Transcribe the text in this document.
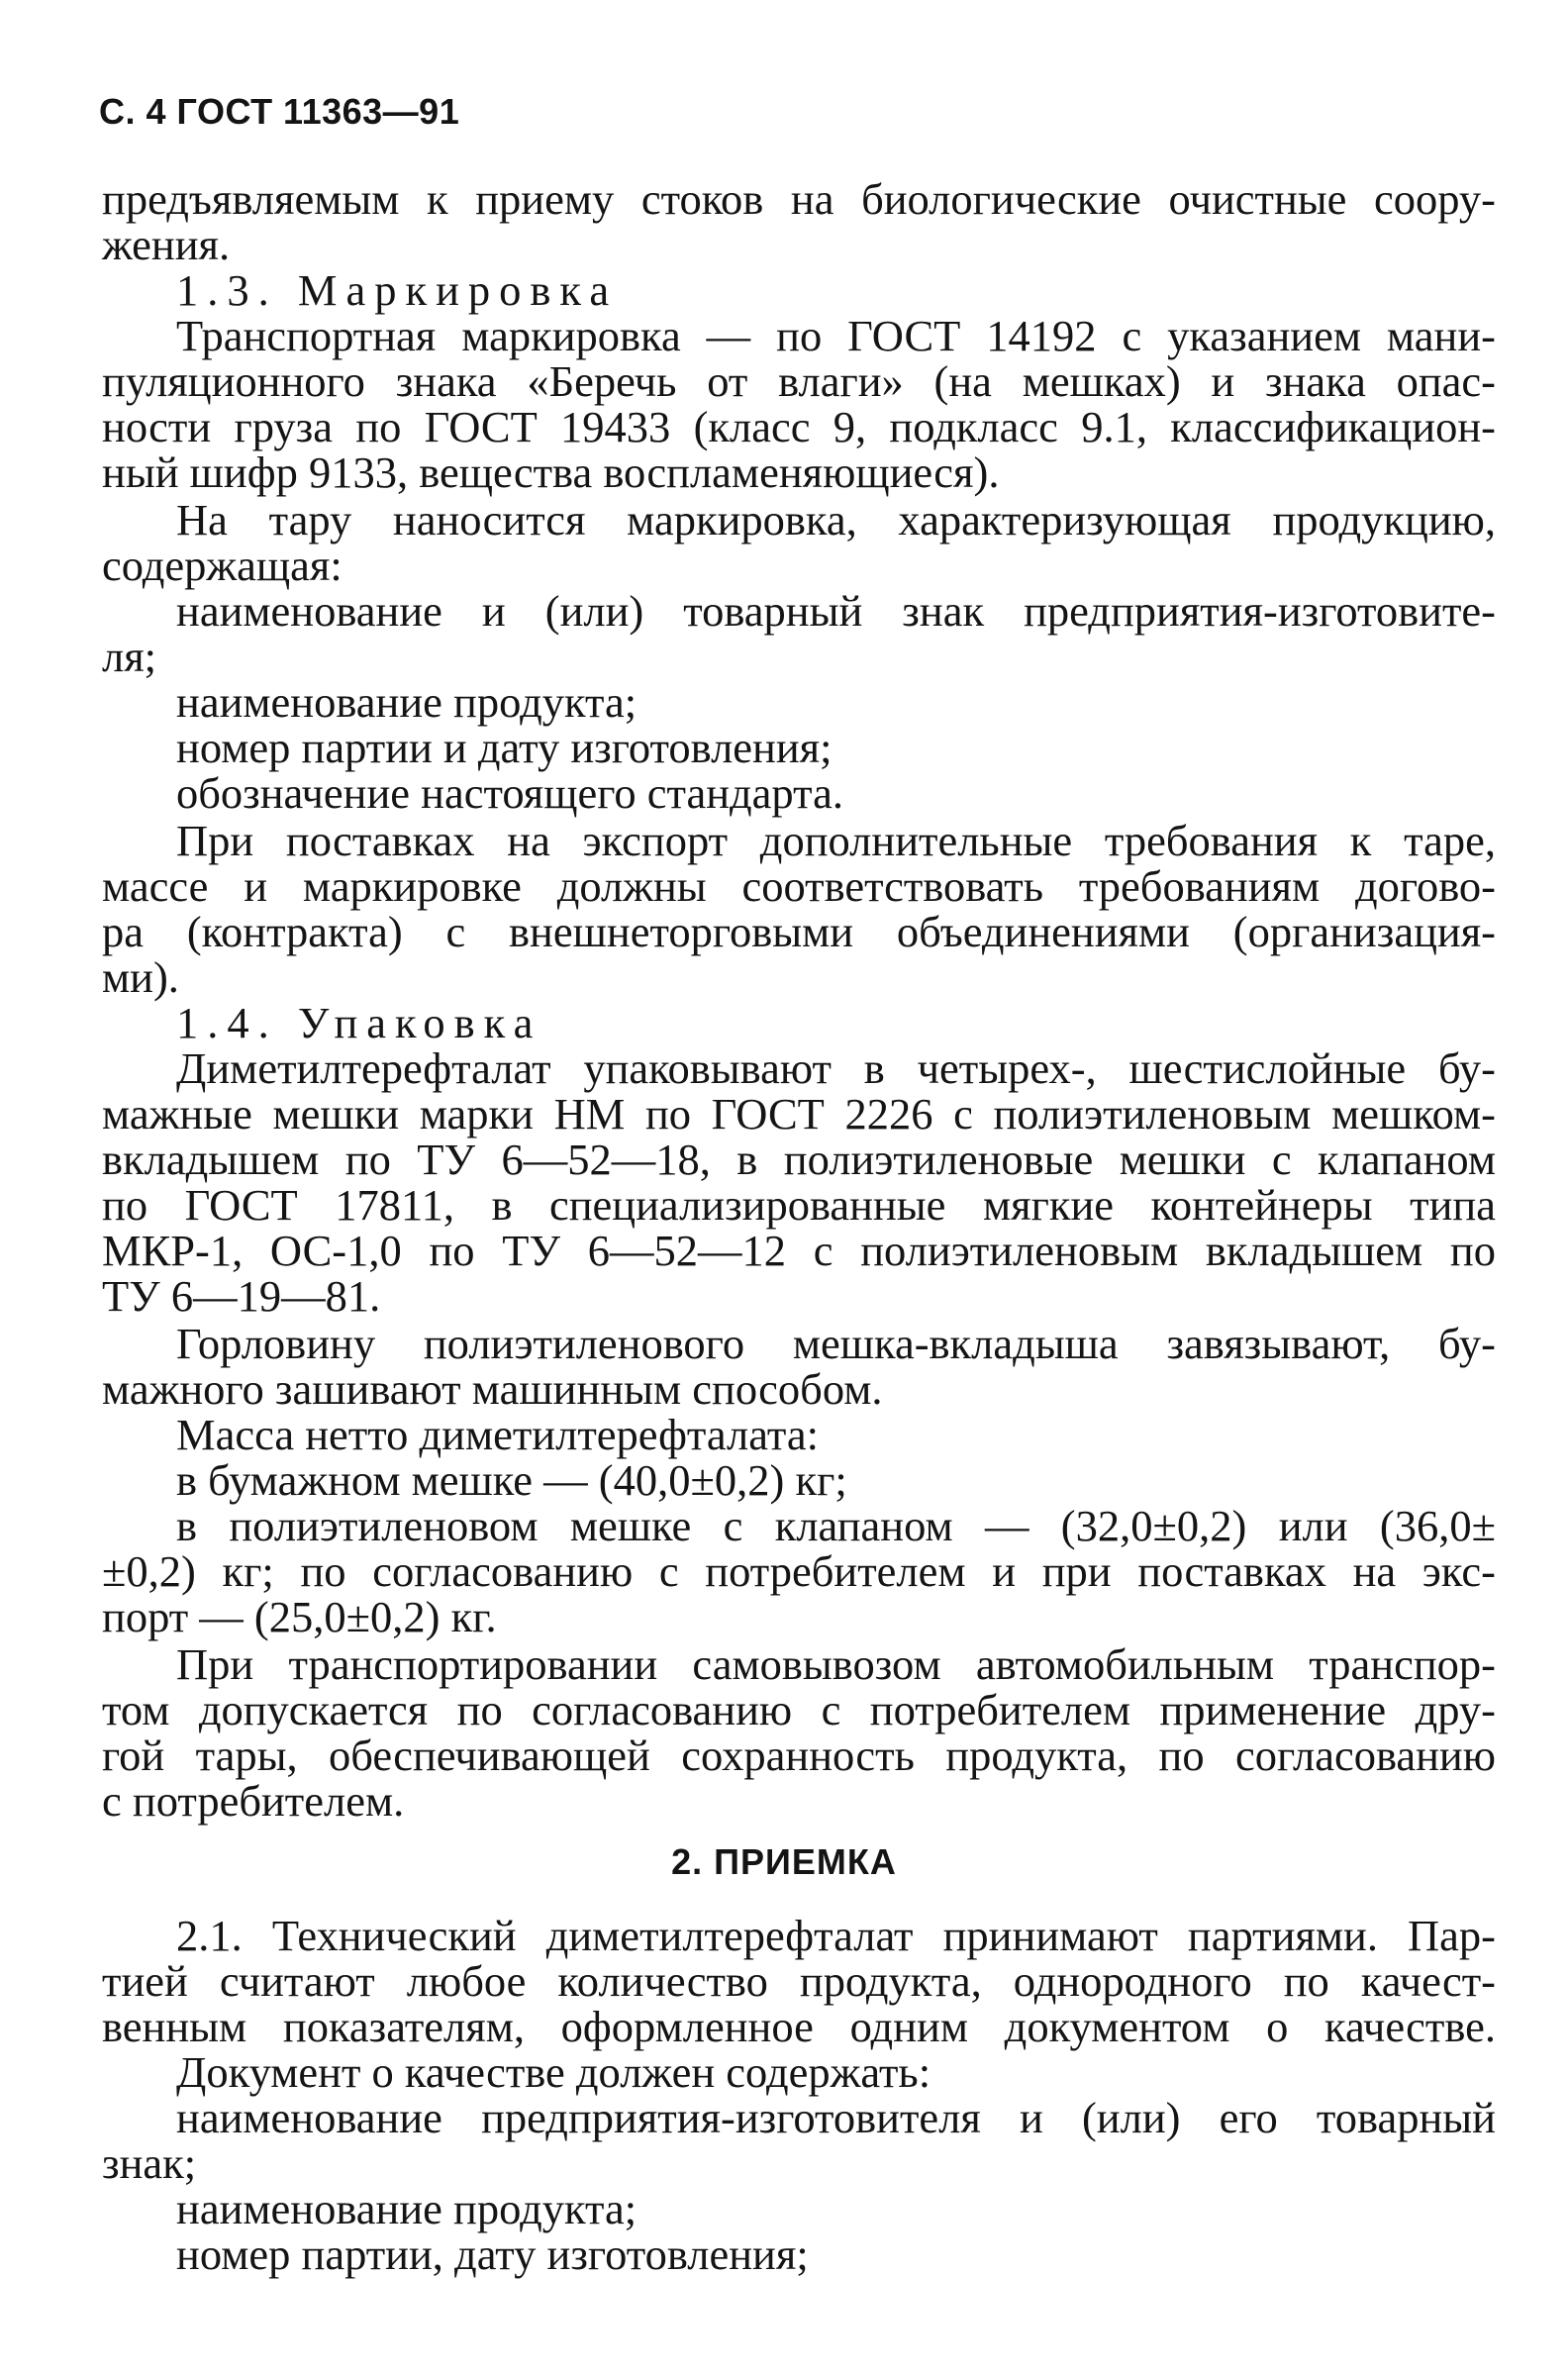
С. 4 ГОСТ 11363—91
предъявляемым к приему стоков на биологические очистные соору-
жения.
1.3. Маркировка
Транспортная маркировка — по ГОСТ 14192 с указанием мани-
пуляционного знака «Беречь от влаги» (на мешках) и знака опас-
ности груза по ГОСТ 19433 (класс 9, подкласс 9.1, классификацион-
ный шифр 9133, вещества воспламеняющиеся).
На тару наносится маркировка, характеризующая продукцию,
содержащая:
наименование и (или) товарный знак предприятия-изготовите-
ля;
наименование продукта;
номер партии и дату изготовления;
обозначение настоящего стандарта.
При поставках на экспорт дополнительные требования к таре,
массе и маркировке должны соответствовать требованиям догово-
ра (контракта) с внешнеторговыми объединениями (организация-
ми).
1.4. Упаковка
Диметилтерефталат упаковывают в четырех-, шестислойные бу-
мажные мешки марки НМ по ГОСТ 2226 с полиэтиленовым мешком-
вкладышем по ТУ 6—52—18, в полиэтиленовые мешки с клапаном
по ГОСТ 17811, в специализированные мягкие контейнеры типа
МКР-1, ОС-1,0 по ТУ 6—52—12 с полиэтиленовым вкладышем по
ТУ 6—19—81.
Горловину полиэтиленового мешка-вкладыша завязывают, бу-
мажного зашивают машинным способом.
Масса нетто диметилтерефталата:
в бумажном мешке — (40,0±0,2) кг;
в полиэтиленовом мешке с клапаном — (32,0±0,2) или (36,0±
±0,2) кг; по согласованию с потребителем и при поставках на экс-
порт — (25,0±0,2) кг.
При транспортировании самовывозом автомобильным транспор-
том допускается по согласованию с потребителем применение дру-
гой тары, обеспечивающей сохранность продукта, по согласованию
с потребителем.
2. ПРИЕМКА
2.1. Технический диметилтерефталат принимают партиями. Пар-
тией считают любое количество продукта, однородного по качест-
венным показателям, оформленное одним документом о качестве.
Документ о качестве должен содержать:
наименование предприятия-изготовителя и (или) его товарный
знак;
наименование продукта;
номер партии, дату изготовления;
